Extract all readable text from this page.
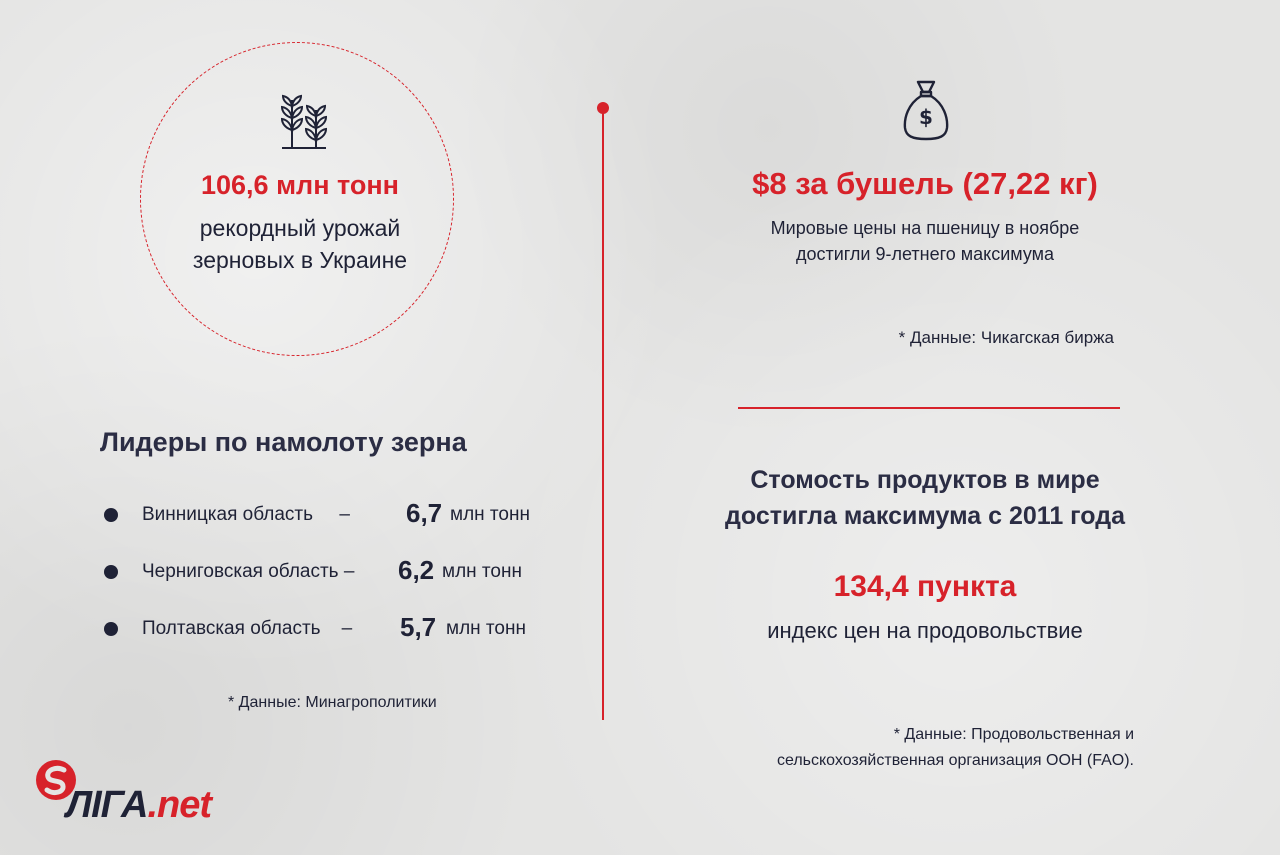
106,6 млн тонн
рекордный урожай
зерновых в Украине
Лидеры по намолоту зерна
Винницкая область     – 6,7 млн тонн
Черниговская область – 6,2 млн тонн
Полтавская область    – 5,7 млн тонн
* Данные: Минагрополитики
$
$8 за бушель (27,22 кг)
Мировые цены на пшеницу в ноябре
достигли 9-летнего максимума
* Данные: Чикагская биржа
Стомость продуктов в мире
достигла максимума с 2011 года
134,4 пункта
индекс цен на продовольствие
* Данные: Продовольственная и
сельскохозяйственная организация ООН (FAO).
ЛІГА.net
